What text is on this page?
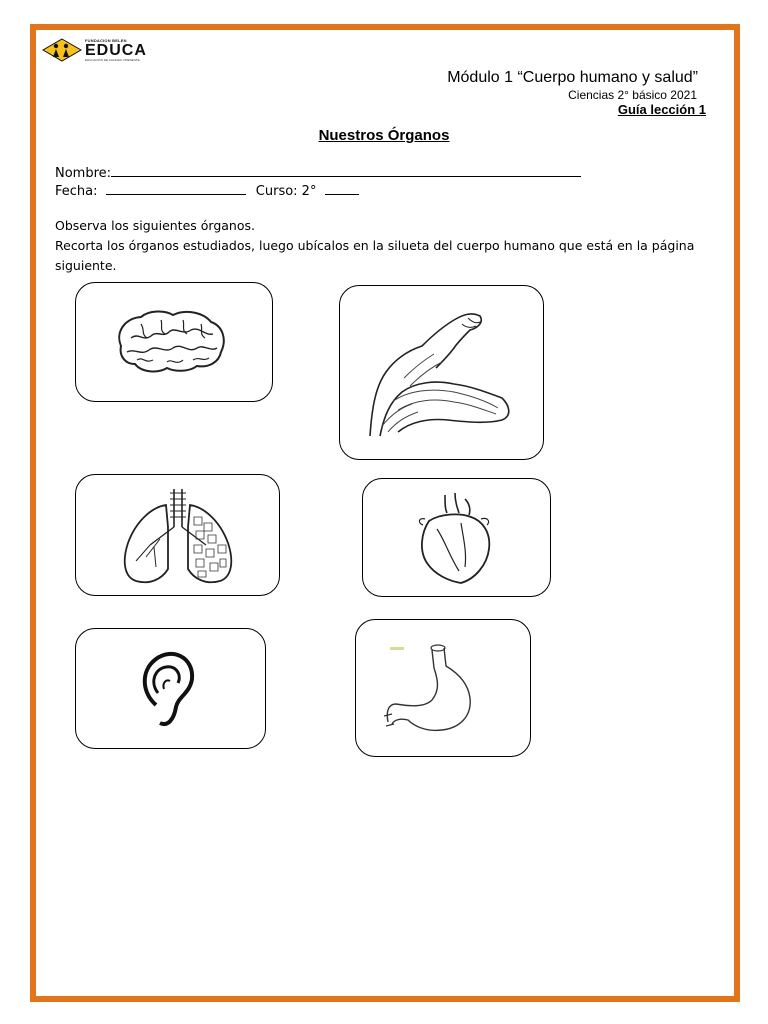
FUNDACION BELEN
EDUCA
EDUCACIÓN DE CALIDAD, PRESENTE.
Módulo 1 “Cuerpo humano y salud”
Ciencias 2° básico 2021
Guía lección 1
Nuestros Órganos
Nombre:
Fecha:	Curso: 2°

Observa los siguientes órganos.

Recorta los órganos estudiados, luego ubícalos en la silueta del cuerpo humano que está en la página siguiente.
